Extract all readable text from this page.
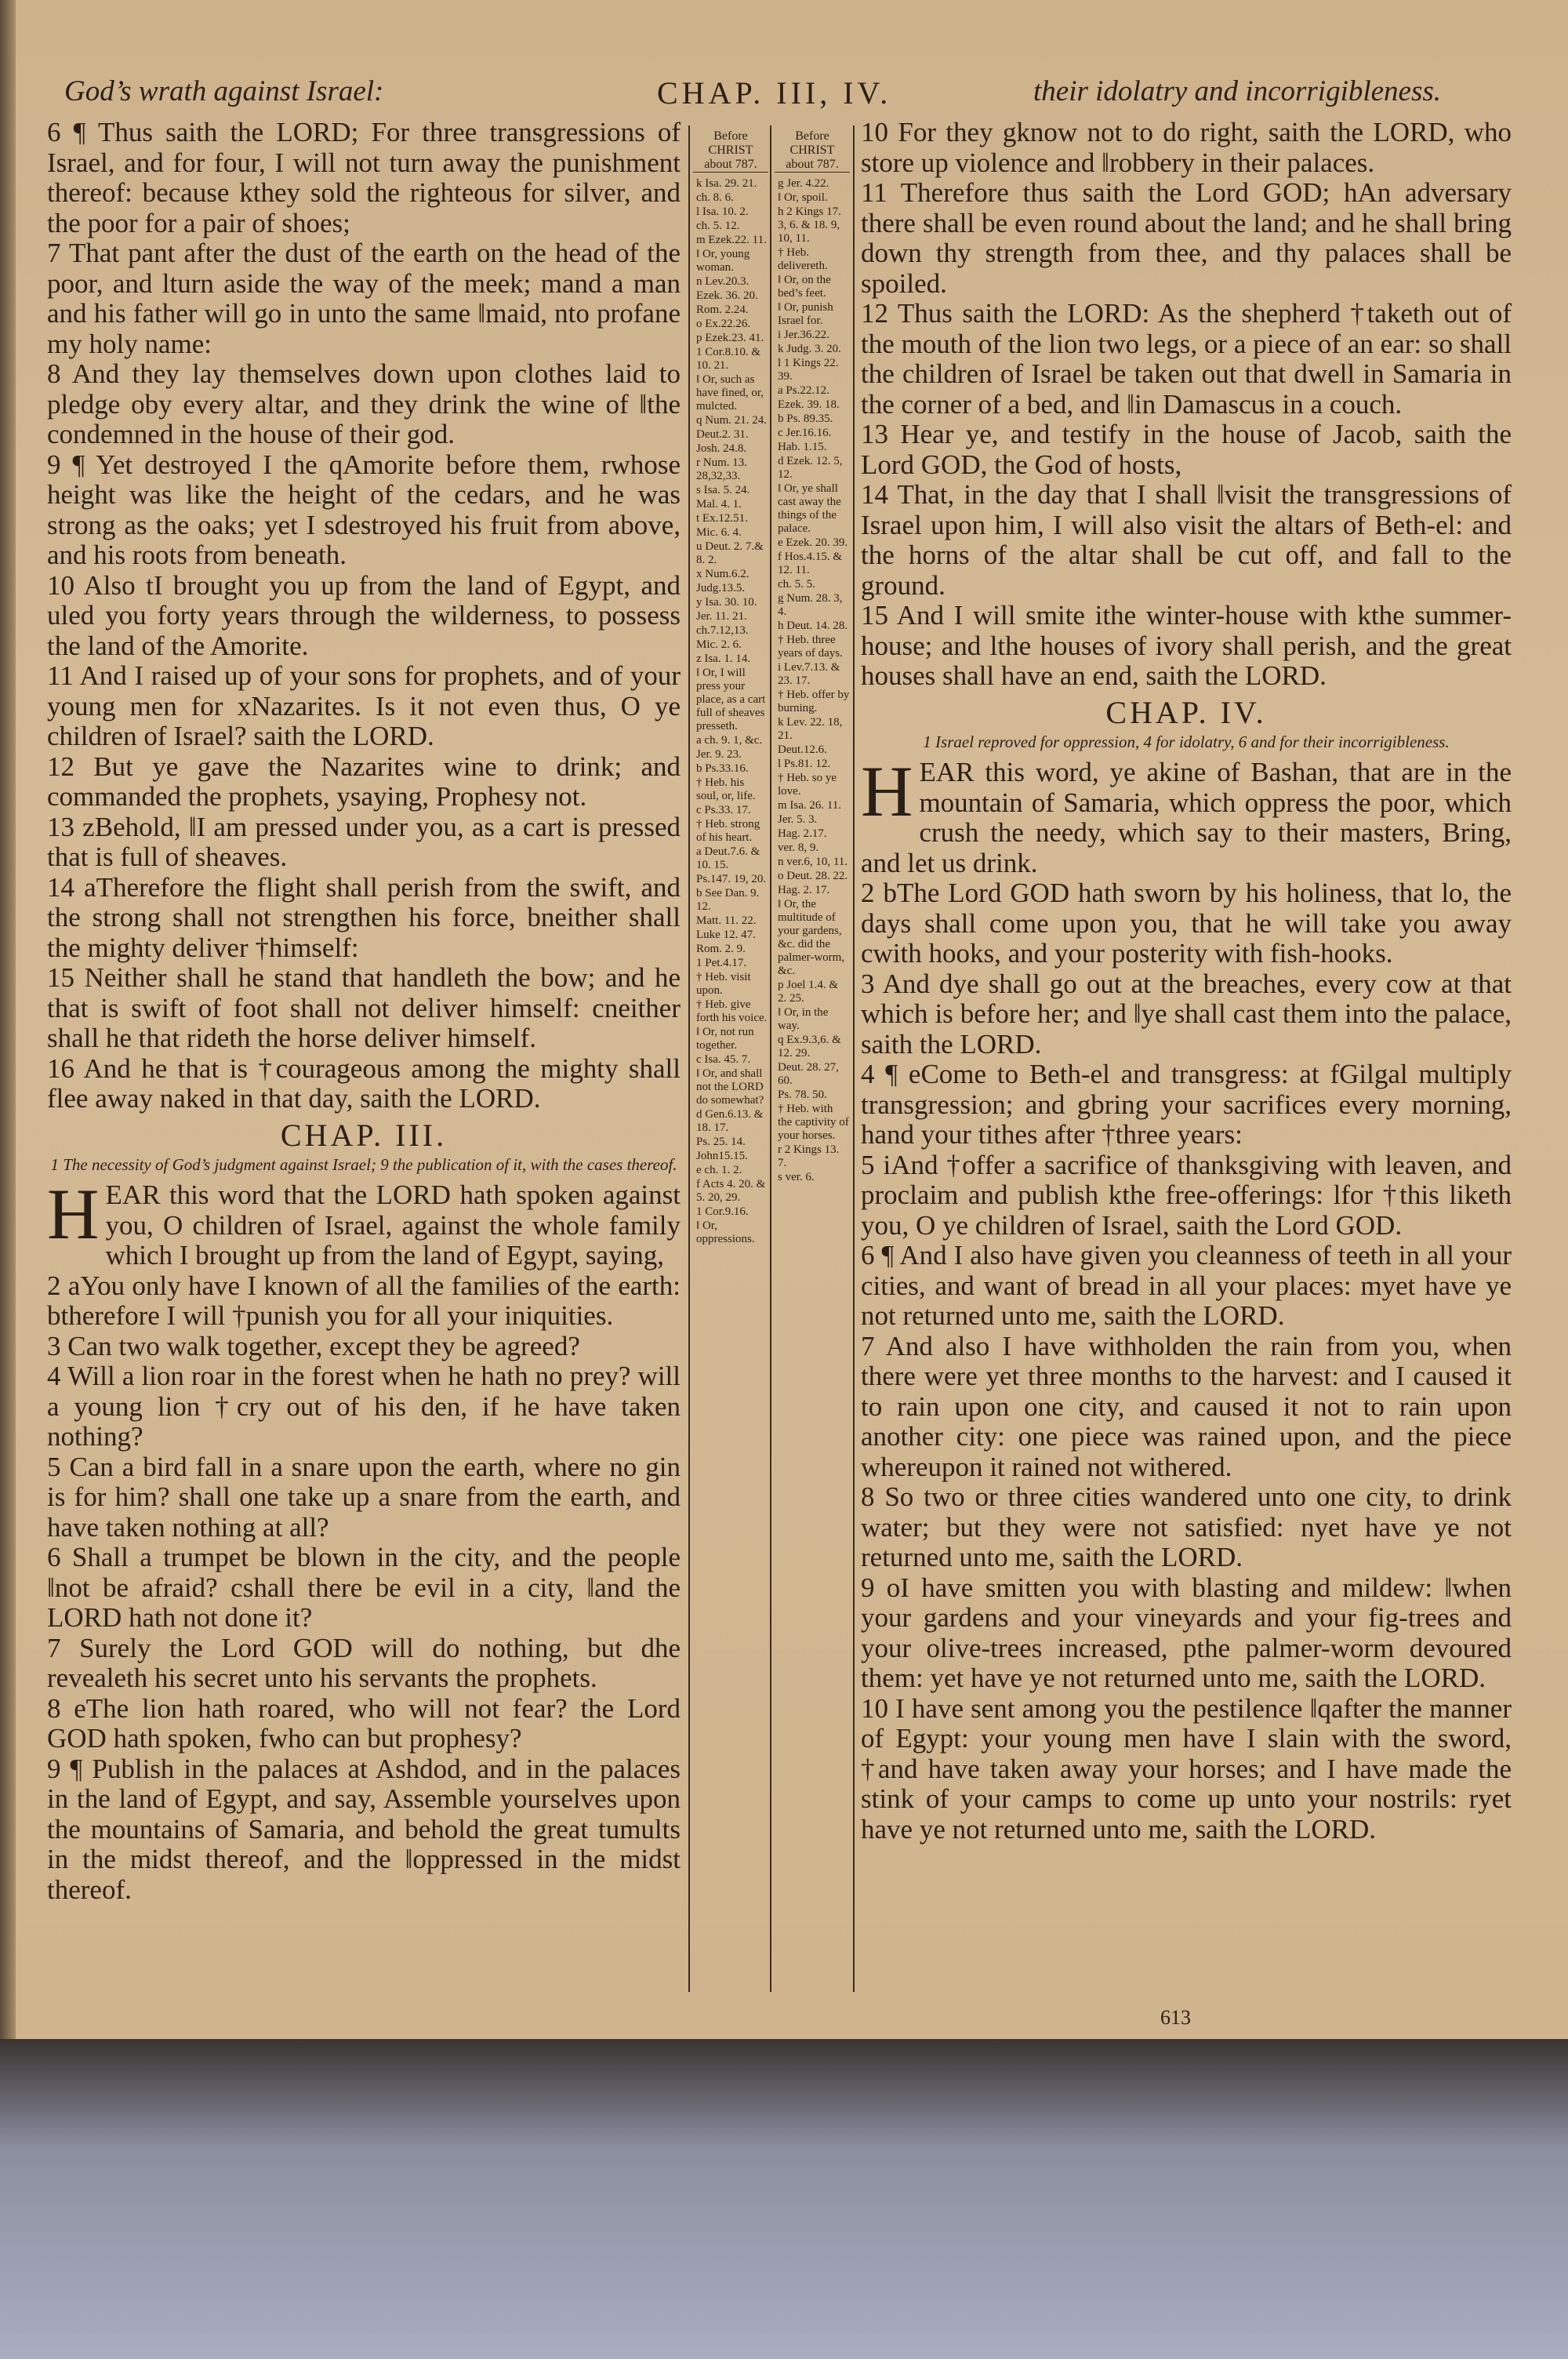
God’s wrath against Israel:	CHAP. III, IV.	their idolatry and incorrigibleness.

6 ¶ Thus saith the LORD; For three transgressions of Israel, and for four, I will not turn away the punishment thereof: because kthey sold the righteous for silver, and the poor for a pair of shoes;

7 That pant after the dust of the earth on the head of the poor, and lturn aside the way of the meek; mand a man and his father will go in unto the same ‖maid, nto profane my holy name:

8 And they lay themselves down upon clothes laid to pledge oby every altar, and they drink the wine of ‖the condemned in the house of their god.

9 ¶ Yet destroyed I the qAmorite before them, rwhose height was like the height of the cedars, and he was strong as the oaks; yet I sdestroyed his fruit from above, and his roots from beneath.

10 Also tI brought you up from the land of Egypt, and uled you forty years through the wilderness, to possess the land of the Amorite.

11 And I raised up of your sons for prophets, and of your young men for xNazarites. Is it not even thus, O ye children of Israel? saith the LORD.

12 But ye gave the Nazarites wine to drink; and commanded the prophets, ysaying, Prophesy not.

13 zBehold, ‖I am pressed under you, as a cart is pressed that is full of sheaves.

14 aTherefore the flight shall perish from the swift, and the strong shall not strengthen his force, bneither shall the mighty deliver †himself:

15 Neither shall he stand that handleth the bow; and he that is swift of foot shall not deliver himself: cneither shall he that rideth the horse deliver himself.

16 And he that is †courageous among the mighty shall flee away naked in that day, saith the LORD.

CHAP. III.
1 The necessity of God’s judgment against Israel; 9 the publication of it, with the cases thereof.

H EAR this word that the LORD hath spoken against you, O children of Israel, against the whole family which I brought up from the land of Egypt, saying,

2 aYou only have I known of all the families of the earth: btherefore I will †punish you for all your iniquities.

3 Can two walk together, except they be agreed?

4 Will a lion roar in the forest when he hath no prey? will a young lion †cry out of his den, if he have taken nothing?

5 Can a bird fall in a snare upon the earth, where no gin is for him? shall one take up a snare from the earth, and have taken nothing at all?

6 Shall a trumpet be blown in the city, and the people ‖not be afraid? cshall there be evil in a city, ‖and the LORD hath not done it?

7 Surely the Lord GOD will do nothing, but dhe revealeth his secret unto his servants the prophets.

8 eThe lion hath roared, who will not fear? the Lord GOD hath spoken, fwho can but prophesy?

9 ¶ Publish in the palaces at Ashdod, and in the palaces in the land of Egypt, and say, Assemble yourselves upon the mountains of Samaria, and behold the great tumults in the midst thereof, and the ‖oppressed in the midst thereof.

Before CHRIST about 787.
k Isa. 29. 21.
ch. 8. 6.
l Isa. 10. 2.
ch. 5. 12.
m Ezek.22. 11.
‖ Or, young woman.
n Lev.20.3.
Ezek. 36. 20.
Rom. 2.24.
o Ex.22.26.
p Ezek.23. 41.
1 Cor.8.10. & 10. 21.
‖ Or, such as have fined, or, mulcted.
q Num. 21. 24.
Deut.2. 31.
Josh. 24.8.
r Num. 13. 28,32,33.
s Isa. 5. 24.
Mal. 4. 1.
t Ex.12.51.
Mic. 6. 4.
u Deut. 2. 7.& 8. 2.
x Num.6.2.
Judg.13.5.
y Isa. 30. 10.
Jer. 11. 21.
ch.7.12,13.
Mic. 2. 6.
z Isa. 1. 14.
‖ Or, I will press your place, as a cart full of sheaves presseth.
a ch. 9. 1, &c.
Jer. 9. 23.
b Ps.33.16.
† Heb. his soul, or, life.
c Ps.33. 17.
† Heb. strong of his heart.
a Deut.7.6. & 10. 15.
Ps.147. 19, 20.
b See Dan. 9. 12.
Matt. 11. 22.
Luke 12. 47.
Rom. 2. 9.
1 Pet.4.17.
† Heb. visit upon.
† Heb. give forth his voice.
‖ Or, not run together.
c Isa. 45. 7.
‖ Or, and shall not the LORD do somewhat?
d Gen.6.13. & 18. 17.
Ps. 25. 14.
John15.15.
e ch. 1. 2.
f Acts 4. 20. & 5. 20, 29.
1 Cor.9.16.
‖ Or, oppressions.
Before CHRIST about 787.
g Jer. 4.22.
‖ Or, spoil.
h 2 Kings 17. 3, 6. & 18. 9, 10, 11.
† Heb. delivereth.
‖ Or, on the bed’s feet.
‖ Or, punish Israel for.
i Jer.36.22.
k Judg. 3. 20.
l 1 Kings 22. 39.
a Ps.22.12.
Ezek. 39. 18.
b Ps. 89.35.
c Jer.16.16.
Hab. 1.15.
d Ezek. 12. 5, 12.
‖ Or, ye shall cast away the things of the palace.
e Ezek. 20. 39.
f Hos.4.15. & 12. 11.
ch. 5. 5.
g Num. 28. 3, 4.
h Deut. 14. 28.
† Heb. three years of days.
i Lev.7.13. & 23. 17.
† Heb. offer by burning.
k Lev. 22. 18, 21.
Deut.12.6.
l Ps.81. 12.
† Heb. so ye love.
m Isa. 26. 11.
Jer. 5. 3.
Hag. 2.17.
ver. 8, 9.
n ver.6, 10, 11.
o Deut. 28. 22.
Hag. 2. 17.
‖ Or, the multitude of your gardens, &c. did the palmer-worm, &c.
p Joel 1.4. & 2. 25.
‖ Or, in the way.
q Ex.9.3,6. & 12. 29.
Deut. 28. 27, 60.
Ps. 78. 50.
† Heb. with the captivity of your horses.
r 2 Kings 13. 7.
s ver. 6.

10 For they gknow not to do right, saith the LORD, who store up violence and ‖robbery in their palaces.

11 Therefore thus saith the Lord GOD; hAn adversary there shall be even round about the land; and he shall bring down thy strength from thee, and thy palaces shall be spoiled.

12 Thus saith the LORD: As the shepherd †taketh out of the mouth of the lion two legs, or a piece of an ear: so shall the children of Israel be taken out that dwell in Samaria in the corner of a bed, and ‖in Damascus in a couch.

13 Hear ye, and testify in the house of Jacob, saith the Lord GOD, the God of hosts,

14 That, in the day that I shall ‖visit the transgressions of Israel upon him, I will also visit the altars of Beth-el: and the horns of the altar shall be cut off, and fall to the ground.

15 And I will smite ithe winter-house with kthe summer-house; and lthe houses of ivory shall perish, and the great houses shall have an end, saith the LORD.

CHAP. IV.
1 Israel reproved for oppression, 4 for idolatry, 6 and for their incorrigibleness.

H EAR this word, ye akine of Bashan, that are in the mountain of Samaria, which oppress the poor, which crush the needy, which say to their masters, Bring, and let us drink.

2 bThe Lord GOD hath sworn by his holiness, that lo, the days shall come upon you, that he will take you away cwith hooks, and your posterity with fish-hooks.

3 And dye shall go out at the breaches, every cow at that which is before her; and ‖ye shall cast them into the palace, saith the LORD.

4 ¶ eCome to Beth-el and transgress: at fGilgal multiply transgression; and gbring your sacrifices every morning, hand your tithes after †three years:

5 iAnd †offer a sacrifice of thanksgiving with leaven, and proclaim and publish kthe free-offerings: lfor †this liketh you, O ye children of Israel, saith the Lord GOD.

6 ¶ And I also have given you cleanness of teeth in all your cities, and want of bread in all your places: myet have ye not returned unto me, saith the LORD.

7 And also I have withholden the rain from you, when there were yet three months to the harvest: and I caused it to rain upon one city, and caused it not to rain upon another city: one piece was rained upon, and the piece whereupon it rained not withered.

8 So two or three cities wandered unto one city, to drink water; but they were not satisfied: nyet have ye not returned unto me, saith the LORD.

9 oI have smitten you with blasting and mildew: ‖when your gardens and your vineyards and your fig-trees and your olive-trees increased, pthe palmer-worm devoured them: yet have ye not returned unto me, saith the LORD.

10 I have sent among you the pestilence ‖qafter the manner of Egypt: your young men have I slain with the sword, †and have taken away your horses; and I have made the stink of your camps to come up unto your nostrils: ryet have ye not returned unto me, saith the LORD.

613
